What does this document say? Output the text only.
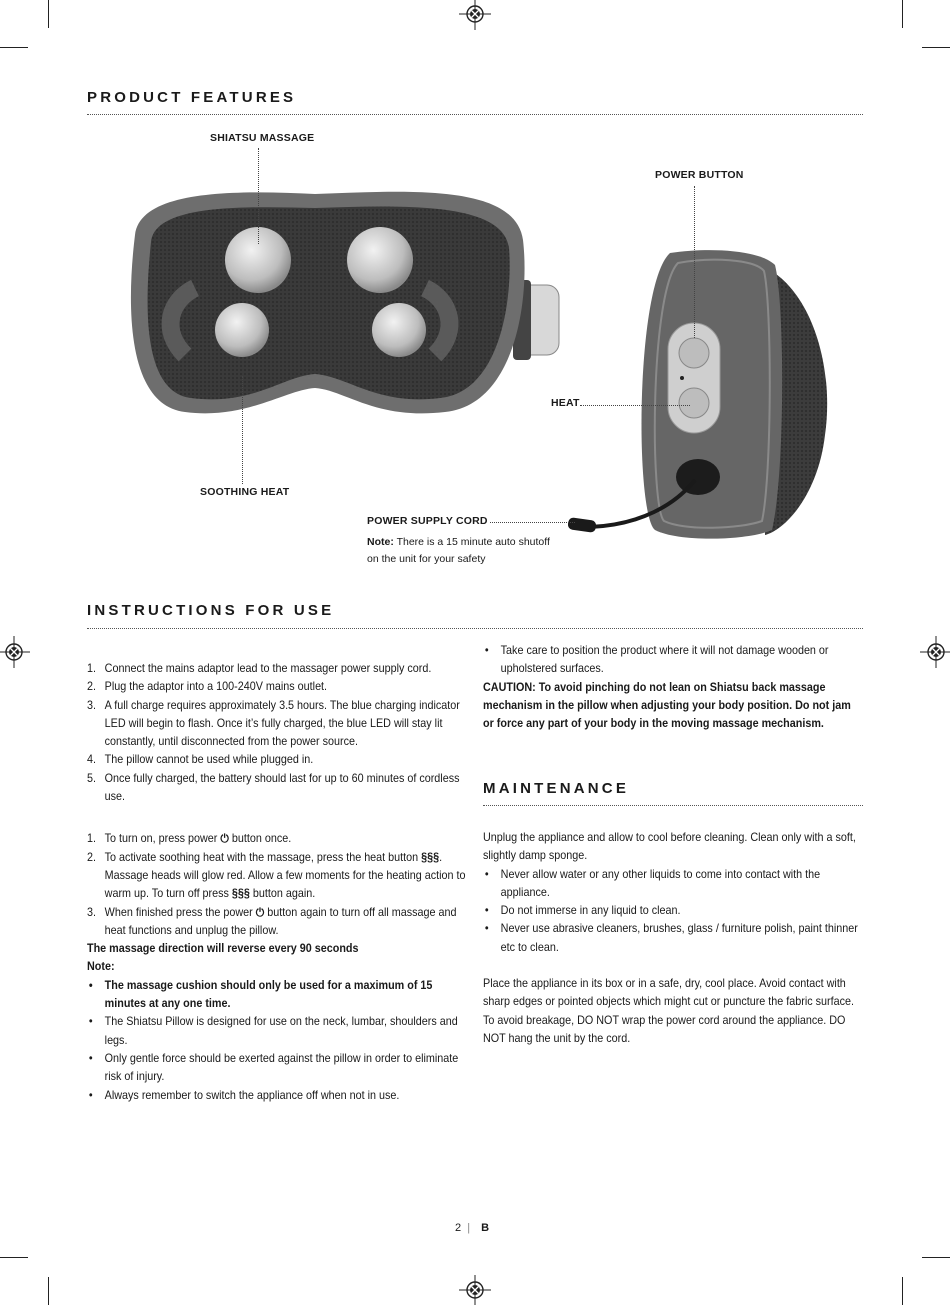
PRODUCT FEATURES
SHIATSU MASSAGE
SOOTHING HEAT
POWER BUTTON
HEAT
POWER SUPPLY CORD
Note: There is a 15 minute auto shutoff
on the unit for your safety
INSTRUCTIONS FOR USE
1. Connect the mains adaptor lead to the massager power supply cord.
2. Plug the adaptor into a 100-240V mains outlet.
3. A full charge requires approximately 3.5 hours. The blue charging indicator LED will begin to flash. Once it’s fully charged, the blue LED will stay lit constantly, until disconnected from the power source.
4. The pillow cannot be used while plugged in.
5. Once fully charged, the battery should last for up to 60 minutes of cordless use.
1. To turn on, press power ⏻ button once.
2. To activate soothing heat with the massage, press the heat button §§§. Massage heads will glow red. Allow a few moments for the heating action to warm up. To turn off press §§§ button again.
3. When finished press the power ⏻ button again to turn off all massage and heat functions and unplug the pillow.
The massage direction will reverse every 90 seconds
Note:
• The massage cushion should only be used for a maximum of 15 minutes at any one time.
• The Shiatsu Pillow is designed for use on the neck, lumbar, shoulders and legs.
• Only gentle force should be exerted against the pillow in order to eliminate risk of injury.
• Always remember to switch the appliance off when not in use.
• Take care to position the product where it will not damage wooden or upholstered surfaces.
CAUTION: To avoid pinching do not lean on Shiatsu back massage mechanism in the pillow when adjusting your body position. Do not jam or force any part of your body in the moving massage mechanism.
MAINTENANCE
Unplug the appliance and allow to cool before cleaning. Clean only with a soft, slightly damp sponge.
• Never allow water or any other liquids to come into contact with the appliance.
• Do not immerse in any liquid to clean.
• Never use abrasive cleaners, brushes, glass / furniture polish, paint thinner etc to clean.
Place the appliance in its box or in a safe, dry, cool place. Avoid contact with sharp edges or pointed objects which might cut or puncture the fabric surface. To avoid breakage, DO NOT wrap the power cord around the appliance. DO NOT hang the unit by the cord.
2 | B
